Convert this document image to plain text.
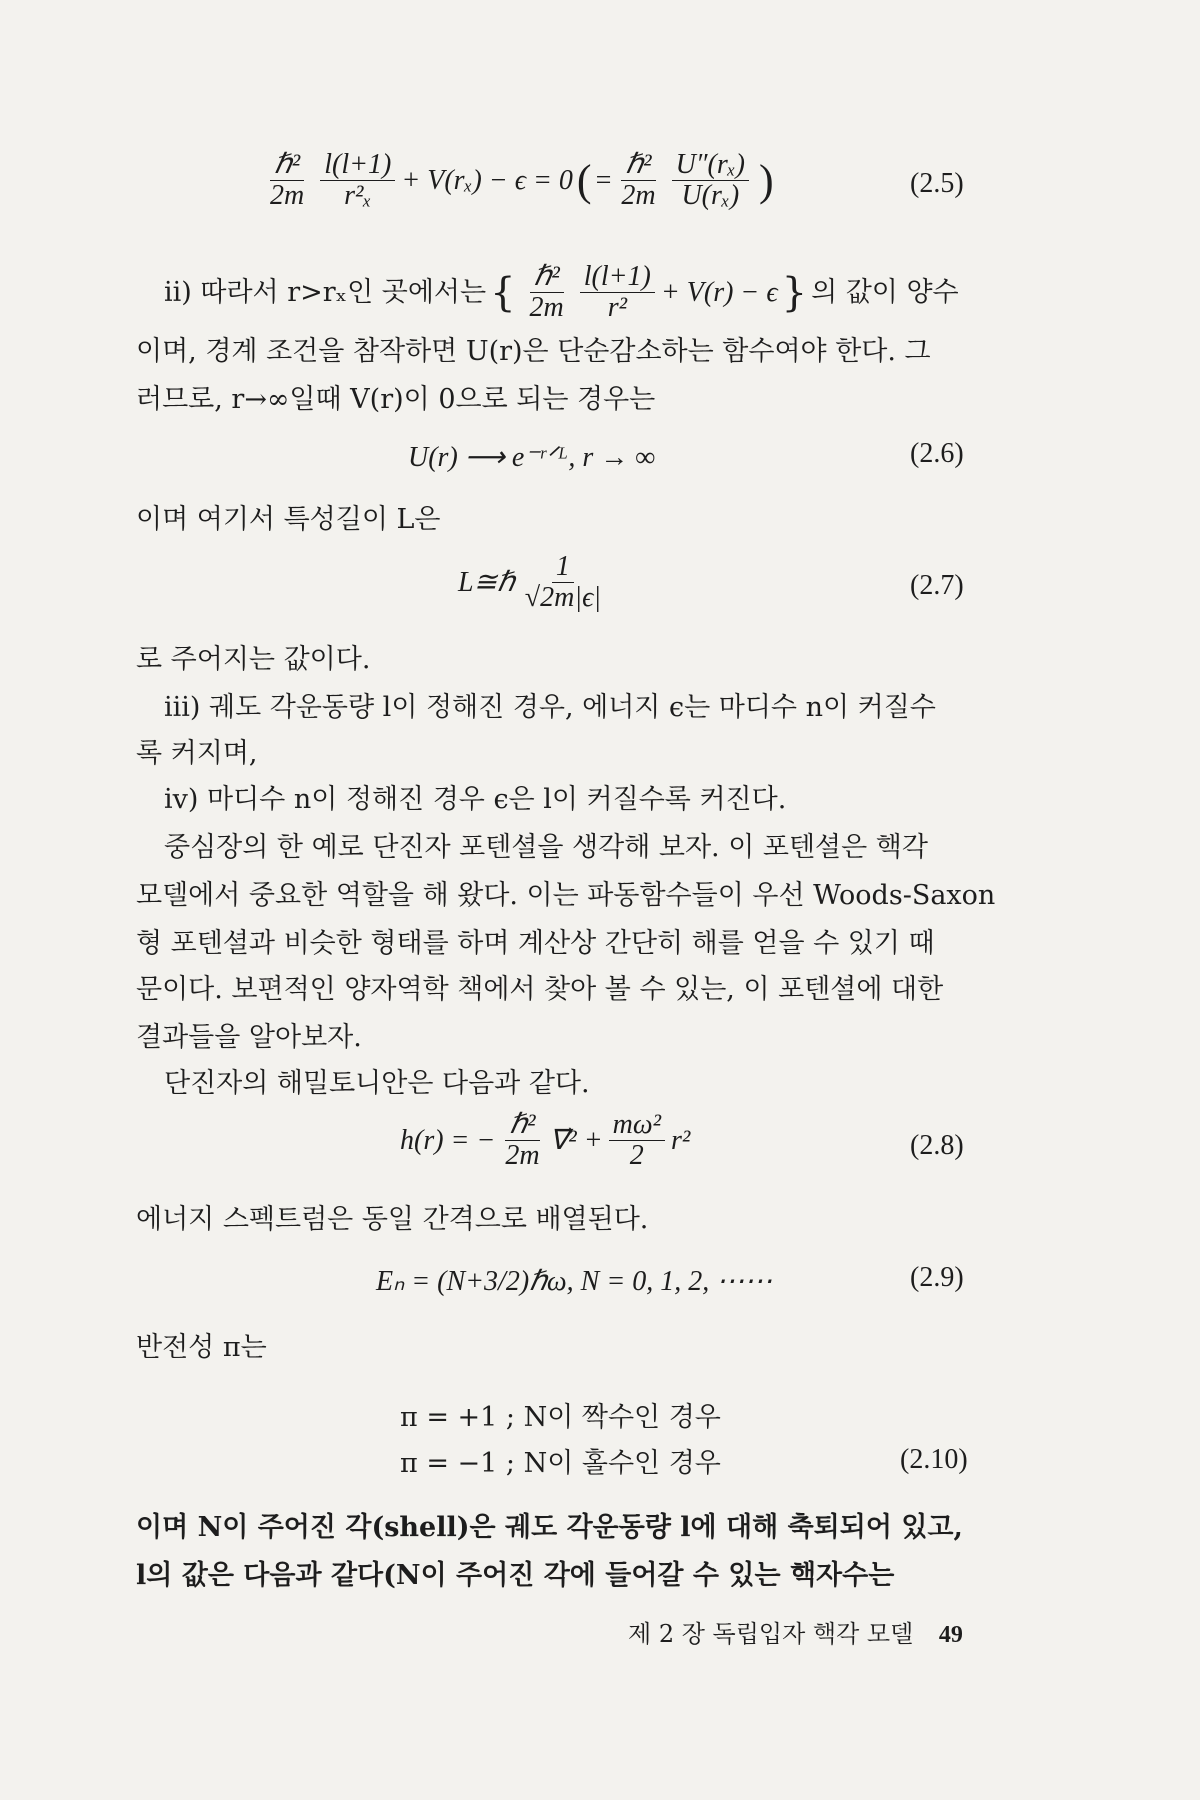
$\frac{\text{ℏ²}}{2m} \frac{l(l+1)}{\text{r²ₓ}} + V(r_x) - \epsilon = 0$ ( = $\frac{\text{ℏ²}}{2m} \frac{\text{U″(rₓ)}}{\text{U(rₓ)}}$ )	(2.5)
ii) 따라서 r>rₓ인 곳에서는 { $\frac{\text{ℏ²}}{2m} \frac{l(l+1)}{\text{r²}} + V(r) - \epsilon$ } 의 값이 양수
이며, 경계 조건을 참작하면 U(r)은 단순감소하는 함수여야 한다. 그
러므로, r→∞일때 V(r)이 0으로 되는 경우는
U(r) ⟶ e⁻ʳᐟᴸ, r → ∞	(2.6)
이며 여기서 특성길이 L은
L≅ℏ $\frac{1}{√2m|\epsilon|}$	(2.7)
로 주어지는 값이다.
iii) 궤도 각운동량 l이 정해진 경우, 에너지 ϵ는 마디수 n이 커질수
록 커지며,
iv) 마디수 n이 정해진 경우 ϵ은 l이 커질수록 커진다.
중심장의 한 예로 단진자 포텐셜을 생각해 보자. 이 포텐셜은 핵각
모델에서 중요한 역할을 해 왔다. 이는 파동함수들이 우선 Woods-Saxon
형 포텐셜과 비슷한 형태를 하며 계산상 간단히 해를 얻을 수 있기 때
문이다. 보편적인 양자역학 책에서 찾아 볼 수 있는, 이 포텐셜에 대한
결과들을 알아보자.
단진자의 해밀토니안은 다음과 같다.
h(r) = − $\frac{\text{ℏ²}}{2m}$ ∇⃗² + $\frac{\text{mω²}}{2} r^2$	(2.8)
에너지 스펙트럼은 동일 간격으로 배열된다.
Eₙ = (N+3/2)ℏω, N = 0, 1, 2, ⋯⋯	(2.9)
반전성 π는
π = +1 ; N이 짝수인 경우
π = −1 ; N이 홀수인 경우	(2.10)
이며 N이 주어진 각(shell)은 궤도 각운동량 l에 대해 축퇴되어 있고,
l의 값은 다음과 같다(N이 주어진 각에 들어갈 수 있는 핵자수는
제 2 장 독립입자 핵각 모델 49
